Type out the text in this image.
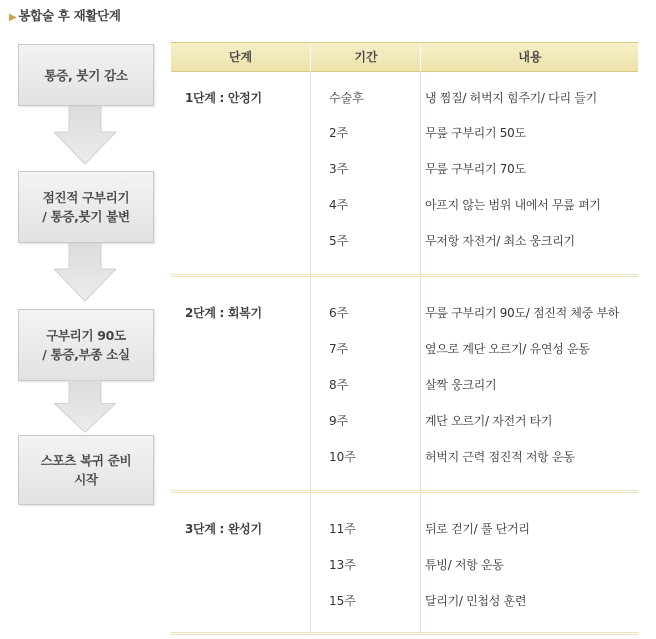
▶ 봉합술 후 재활단계
통증, 붓기 감소
점진적 구부리기
/ 통증,붓기 불변
구부리기 90도
/ 통증,부종 소실
스포츠 복귀 준비
시작
단계	기간	내용
1단계 : 안정기	수술후	냉 찜질/ 허벅지 힘주기/ 다리 들기
2주	무릎 구부리기 50도
3주	무릎 구부리기 70도
4주	아프지 않는 범위 내에서 무릎 펴기
5주	무저항 자전거/ 최소 웅크리기
2단계 : 회복기	6주	무릎 구부리기 90도/ 점진적 체중 부하
7주	옆으로 계단 오르기/ 유연성 운동
8주	살짝 웅크리기
9주	계단 오르기/ 자전거 타기
10주	허벅지 근력 점진적 저항 운동
3단계 : 완성기	11주	뒤로 걷기/ 풀 단거리
13주	튜빙/ 저항 운동
15주	달리기/ 민첩성 훈련
